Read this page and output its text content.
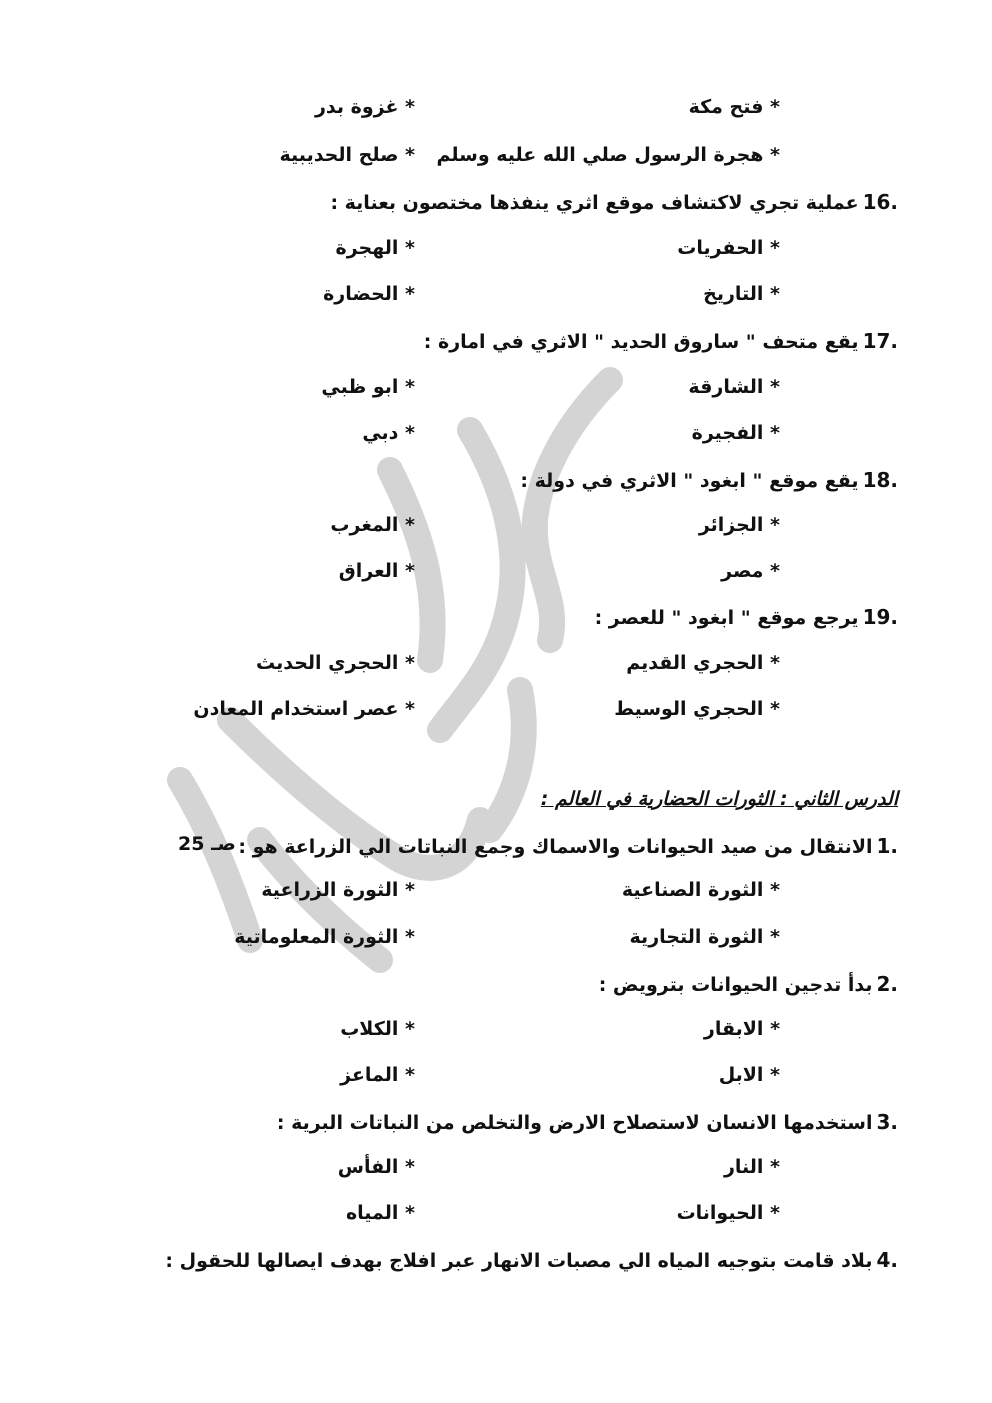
* فتح مكة
* غزوة بدر
* هجرة الرسول صلي الله عليه وسلم
* صلح الحديبية
16.عملية تجري لاكتشاف موقع اثري ينفذها مختصون بعناية :
* الحفريات
* الهجرة
* التاريخ
* الحضارة
17.يقع متحف " ساروق الحديد " الاثري في امارة :
* الشارقة
* ابو ظبي
* الفجيرة
* دبي
18.يقع موقع " ابغود " الاثري في دولة :
* الجزائر
* المغرب
* مصر
* العراق
19.يرجع موقع " ابغود " للعصر :
* الحجري القديم
* الحجري الحديث
* الحجري الوسيط
* عصر استخدام المعادن
الدرس الثاني : الثورات الحضارية في العالم :
1.الانتقال من صيد الحيوانات والاسماك وجمع النباتات الي الزراعة هو :
صـ 25
* الثورة الصناعية
* الثورة الزراعية
* الثورة التجارية
* الثورة المعلوماتية
2.بدأ تدجين الحيوانات بترويض :
* الابقار
* الكلاب
* الابل
* الماعز
3.استخدمها الانسان لاستصلاح الارض والتخلص من النباتات البرية :
* النار
* الفأس
* الحيوانات
* المياه
4.بلاد قامت بتوجيه المياه الي مصبات الانهار عبر افلاج بهدف ايصالها للحقول :
